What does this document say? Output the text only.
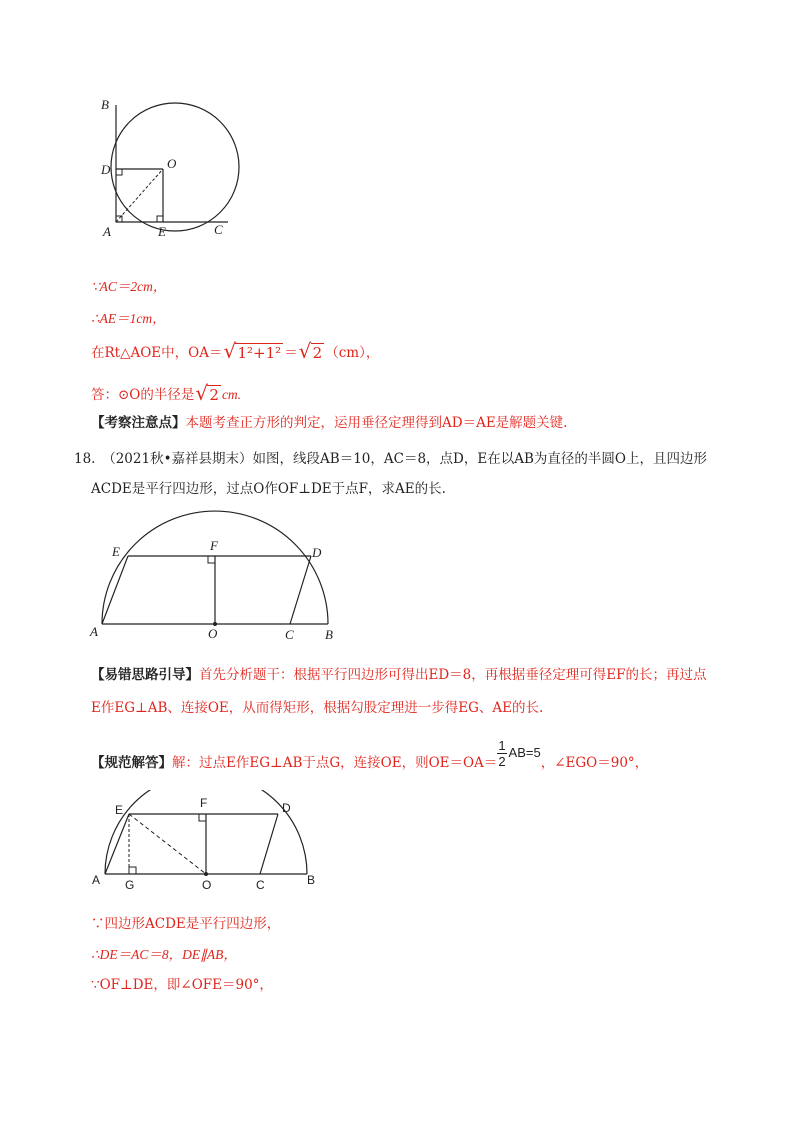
B
D	O
A	E	C
∵AC＝2cm，
∴AE＝1cm，
在Rt△AOE中，OA＝ √ 1²+1² ＝ √ 2 （cm），
答：⊙O的半径是 √ 2 cm.
【考察注意点】本题考查正方形的判定，运用垂径定理得到AD＝AE是解题关键.
18.　（2021秋•嘉祥县期末）如图，线段AB＝10，AC＝8，点D，E在以AB为直径的半圆O上，且四边形
ACDE是平行四边形，过点O作OF⊥DE于点F，求AE的长.
E	F	D
A	O	C B
【易错思路引导】首先分析题干：根据平行四边形可得出ED＝8，再根据垂径定理可得EF的长；再过点
E作EG⊥AB、连接OE，从而得矩形，根据勾股定理进一步得EG、AE的长.
【规范解答】解：过点E作EG⊥AB于点G，连接OE，则$OE=OA= \frac{1}{2} AB=5$，∠EGO＝90°，
E	F	D
A G	O	C	B
∵四边形ACDE是平行四边形，
∴DE＝AC＝8，DE∥AB，
∵OF⊥DE，即∠OFE＝90°，
